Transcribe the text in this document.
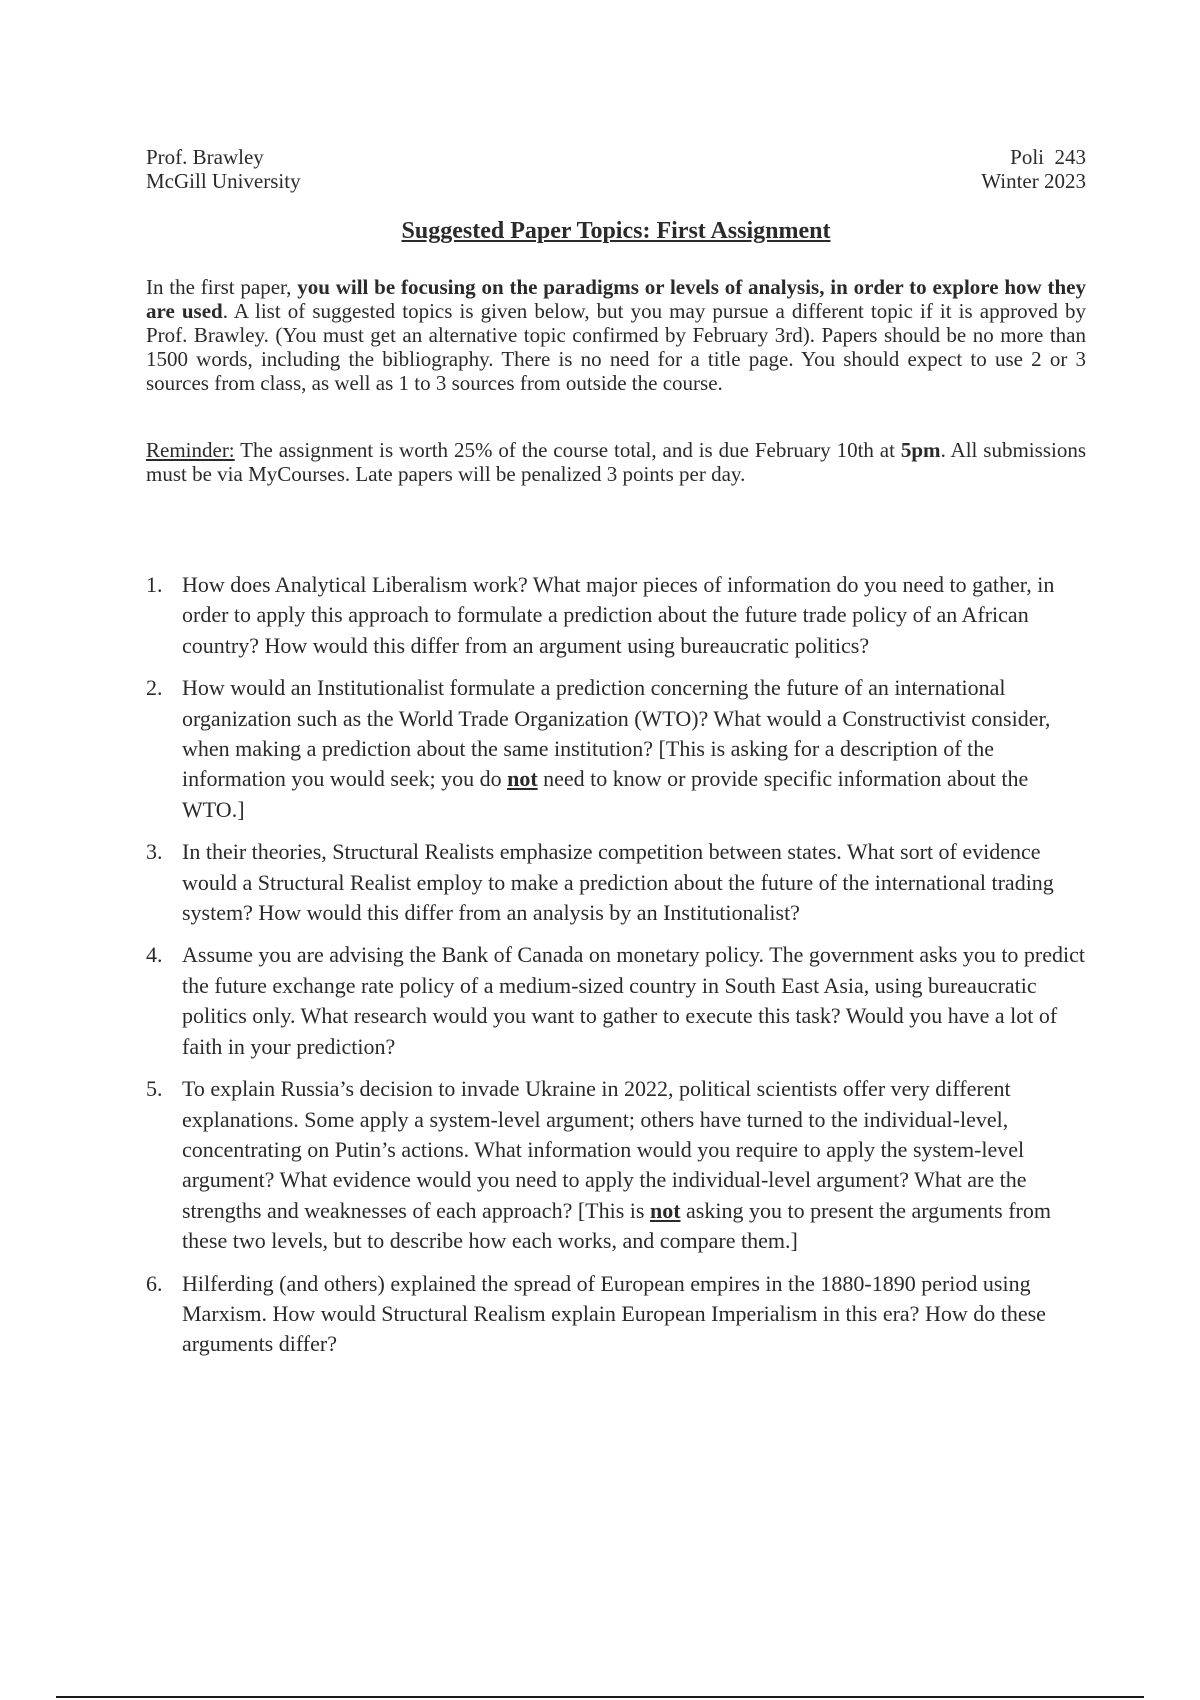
Prof. Brawley
McGill University
Poli  243
Winter 2023
Suggested Paper Topics: First Assignment

In the first paper, you will be focusing on the paradigms or levels of analysis, in order to explore how they are used. A list of suggested topics is given below, but you may pursue a different topic if it is approved by Prof. Brawley. (You must get an alternative topic confirmed by February 3rd). Papers should be no more than 1500 words, including the bibliography. There is no need for a title page. You should expect to use 2 or 3 sources from class, as well as 1 to 3 sources from outside the course.

Reminder: The assignment is worth 25% of the course total, and is due February 10th at 5pm. All submissions must be via MyCourses. Late papers will be penalized 3 points per day.

1. How does Analytical Liberalism work? What major pieces of information do you need to gather, in order to apply this approach to formulate a prediction about the future trade policy of an African country? How would this differ from an argument using bureaucratic politics?
2. How would an Institutionalist formulate a prediction concerning the future of an international organization such as the World Trade Organization (WTO)? What would a Constructivist consider, when making a prediction about the same institution? [This is asking for a description of the information you would seek; you do not need to know or provide specific information about the WTO.]
3. In their theories, Structural Realists emphasize competition between states. What sort of evidence would a Structural Realist employ to make a prediction about the future of the international trading system? How would this differ from an analysis by an Institutionalist?
4. Assume you are advising the Bank of Canada on monetary policy. The government asks you to predict the future exchange rate policy of a medium-sized country in South East Asia, using bureaucratic politics only. What research would you want to gather to execute this task? Would you have a lot of faith in your prediction?
5. To explain Russia’s decision to invade Ukraine in 2022, political scientists offer very different explanations. Some apply a system-level argument; others have turned to the individual-level, concentrating on Putin’s actions. What information would you require to apply the system-level argument? What evidence would you need to apply the individual-level argument? What are the strengths and weaknesses of each approach? [This is not asking you to present the arguments from these two levels, but to describe how each works, and compare them.]
6. Hilferding (and others) explained the spread of European empires in the 1880-1890 period using Marxism. How would Structural Realism explain European Imperialism in this era? How do these arguments differ?
